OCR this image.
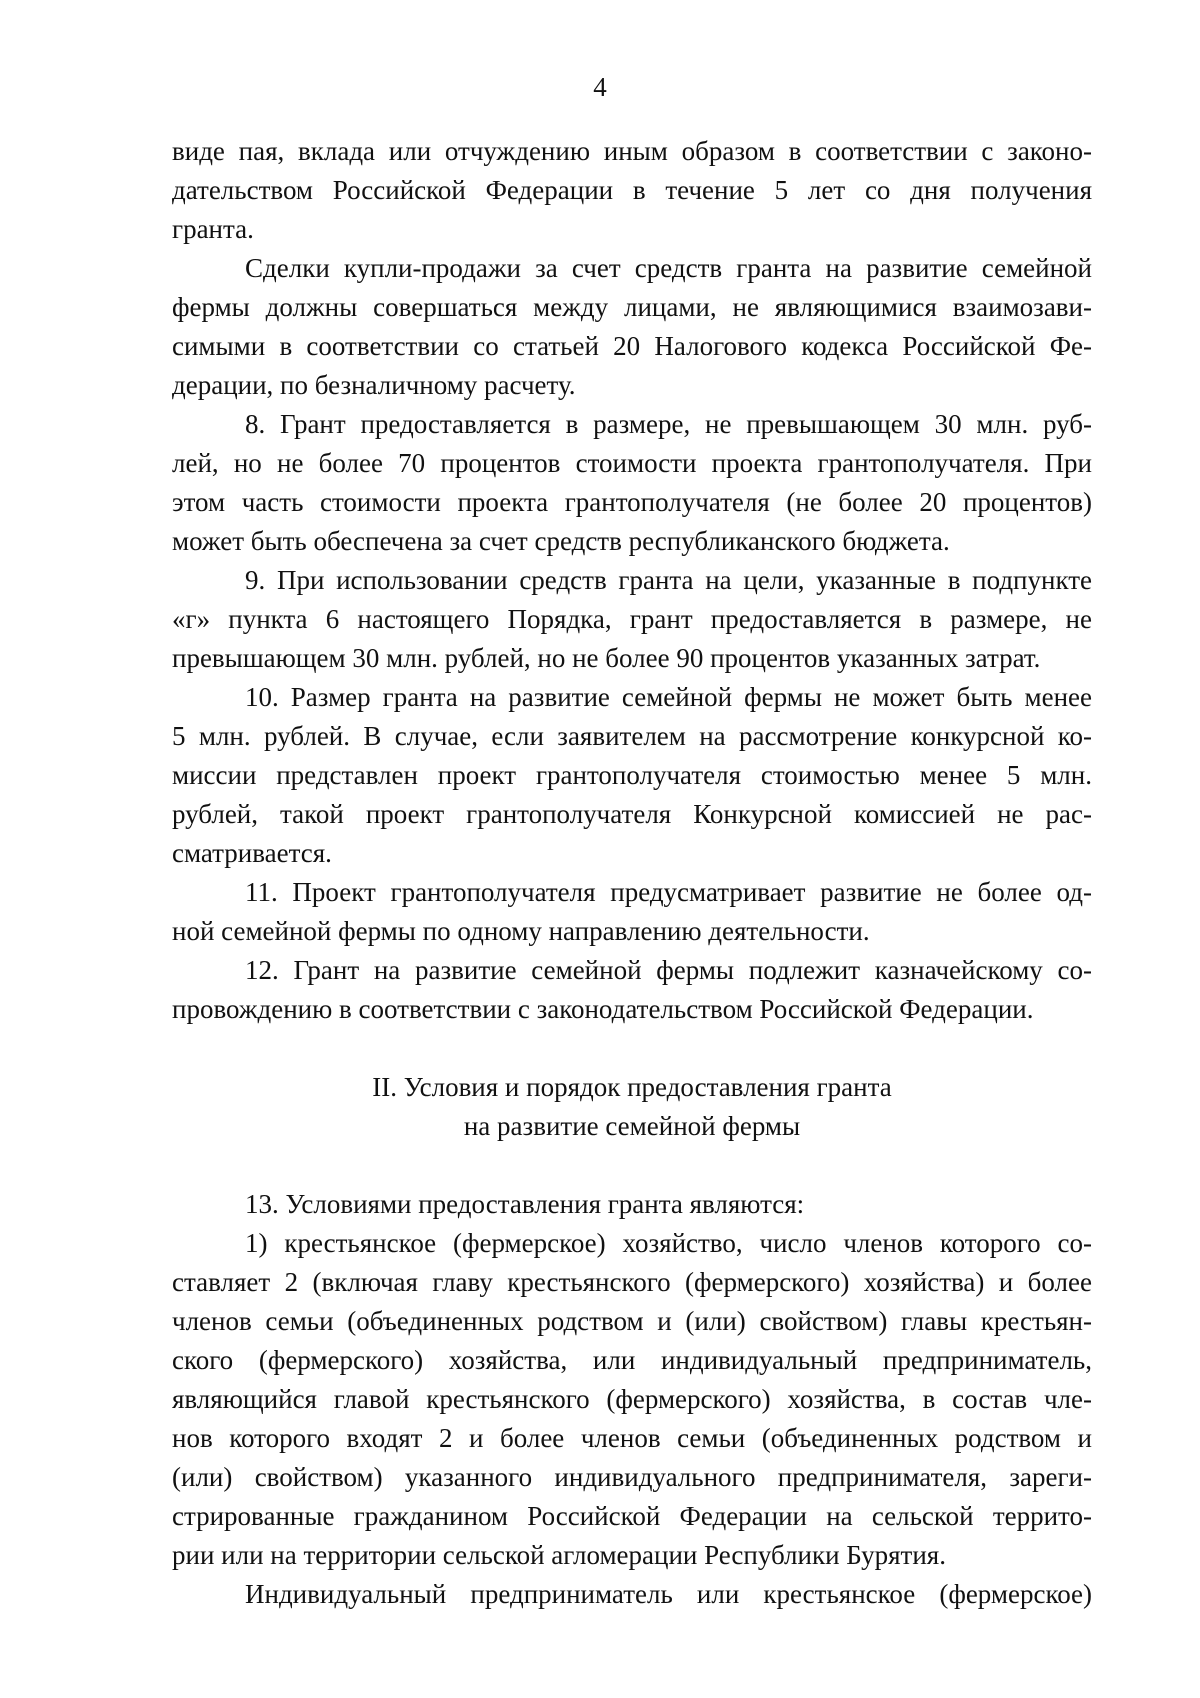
4
виде пая, вклада или отчуждению иным образом в соответствии с законо-
дательством Российской Федерации в течение 5 лет со дня получения
гранта.
Сделки купли-продажи за счет средств гранта на развитие семейной
фермы должны совершаться между лицами, не являющимися взаимозави-
симыми в соответствии со статьей 20 Налогового кодекса Российской Фе-
дерации, по безналичному расчету.
8. Грант предоставляется в размере, не превышающем 30 млн. руб-
лей, но не более 70 процентов стоимости проекта грантополучателя. При
этом часть стоимости проекта грантополучателя (не более 20 процентов)
может быть обеспечена за счет средств республиканского бюджета.
9. При использовании средств гранта на цели, указанные в подпункте
«г» пункта 6 настоящего Порядка, грант предоставляется в размере, не
превышающем 30 млн. рублей, но не более 90 процентов указанных затрат.
10. Размер гранта на развитие семейной фермы не может быть менее
5 млн. рублей. В случае, если заявителем на рассмотрение конкурсной ко-
миссии представлен проект грантополучателя стоимостью менее 5 млн.
рублей, такой проект грантополучателя Конкурсной комиссией не рас-
сматривается.
11. Проект грантополучателя предусматривает развитие не более од-
ной семейной фермы по одному направлению деятельности.
12. Грант на развитие семейной фермы подлежит казначейскому со-
провождению в соответствии с законодательством Российской Федерации.
II. Условия и порядок предоставления гранта
на развитие семейной фермы
13. Условиями предоставления гранта являются:
1) крестьянское (фермерское) хозяйство, число членов которого со-
ставляет 2 (включая главу крестьянского (фермерского) хозяйства) и более
членов семьи (объединенных родством и (или) свойством) главы крестьян-
ского (фермерского) хозяйства, или индивидуальный предприниматель,
являющийся главой крестьянского (фермерского) хозяйства, в состав чле-
нов которого входят 2 и более членов семьи (объединенных родством и
(или) свойством) указанного индивидуального предпринимателя, зареги-
стрированные гражданином Российской Федерации на сельской террито-
рии или на территории сельской агломерации Республики Бурятия.
Индивидуальный предприниматель или крестьянское (фермерское)
